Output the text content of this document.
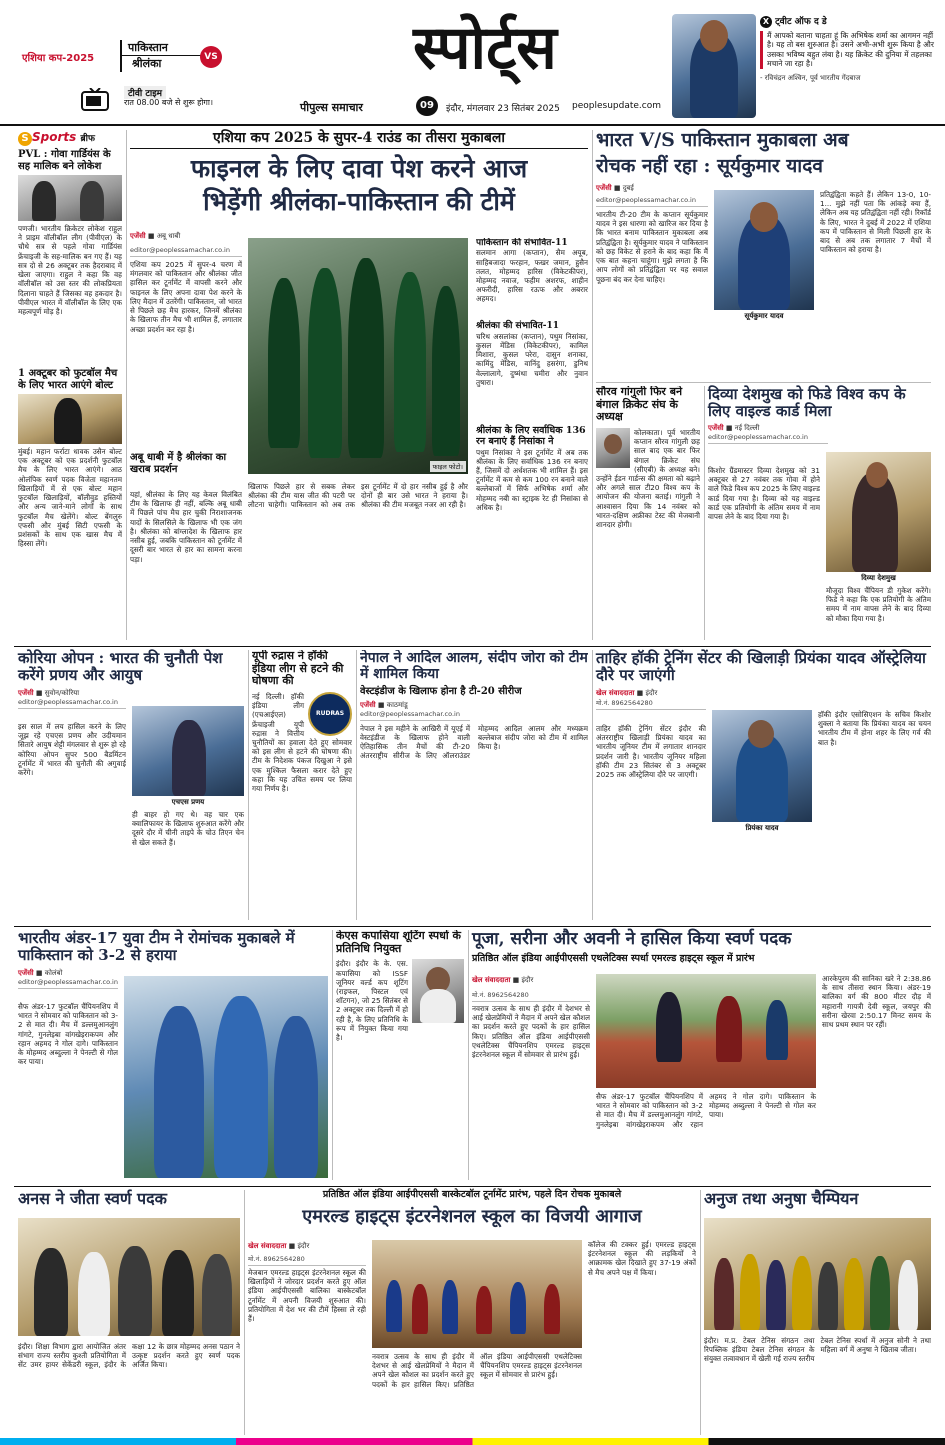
एशिया कप-2025
पाकिस्तान
श्रीलंका	VS
टीवी टाइम
रात 08.00 बजे से शुरू होगा।
स्पोर्ट्स
पीपुल्स समाचार	09	इंदौर, मंगलवार 23 सितंबर 2025 peoplesupdate.com
X ट्वीट ऑफ द डे
मैं आपको बताना चाहता हूं कि अभिषेक शर्मा का आगमन नहीं है। यह तो बस शुरुआत है। उसने अभी-अभी शुरू किया है और उसका भविष्य बहुत लंबा है। यह क्रिकेट की दुनिया में तहलका मचाने जा रहा है।
- रविचंद्रन अश्विन, पूर्व भारतीय गेंदबाज
S Sports ब्रीफ
PVL : गोवा गार्डियंस के सह मालिक बने लोकेश
पणजी। भारतीय क्रिकेटर लोकेश राहुल ने प्राइम वॉलीबॉल लीग (पीवीएल) के चौथे सत्र से पहले गोवा गार्डियंस फ्रेंचाइजी के सह-मालिक बन गए हैं। यह सत्र दो से 26 अक्टूबर तक हैदराबाद में खेला जाएगा। राहुल ने कहा कि वह वॉलीबॉल को उस स्तर की लोकप्रियता दिलाना चाहते हैं जिसका वह हकदार है। पीवीएल भारत में वॉलीबॉल के लिए एक महत्वपूर्ण मोड़ है।
1 अक्टूबर को फुटबॉल मैच के लिए भारत आएंगे बोल्ट
मुंबई। महान फर्राटा धावक उसैन बोल्ट एक अक्टूबर को एक प्रदर्शनी फुटबॉल मैच के लिए भारत आएंगे। आठ ओलंपिक स्वर्ण पदक विजेता महानतम खिलाड़ियों में से एक बोल्ट महान फुटबॉल खिलाड़ियों, बॉलीवुड हस्तियों और अन्य जाने-माने लोगों के साथ फुटबॉल मैच खेलेंगे। बोल्ट बेंगलुरु एफसी और मुंबई सिटी एफसी के प्रशंसकों के साथ एक खास मैच में हिस्सा लेंगे।
एशिया कप 2025 के सुपर-4 राउंड का तीसरा मुकाबला
फाइनल के लिए दावा पेश करने आज
भिड़ेंगी श्रीलंका-पाकिस्तान की टीमें
एजेंसी ■ अबू धाबी
editor@peoplessamachar.co.in
एशिया कप 2025 में सुपर-4 चरण में मंगलवार को पाकिस्तान और श्रीलंका जीत हासिल कर टूर्नामेंट में वापसी करने और फाइनल के लिए अपना दावा पेश करने के लिए मैदान में उतरेंगी। पाकिस्तान, जो भारत से पिछले छह मैच हारकर, जिनमें श्रीलंका के खिलाफ तीन मैच भी शामिल हैं, लगातार अच्छा प्रदर्शन कर रहा है।
अबू धाबी में है श्रीलंका का खराब प्रदर्शन
यहां, श्रीलंका के लिए यह केवल विलंबित टीम के खिलाफ ही नहीं, बल्कि अबू धाबी में पिछले पांच मैच हार चुकी निराशाजनक यादों के सिलसिले के खिलाफ भी एक जंग है। श्रीलंका को बांग्लादेश के खिलाफ हार नसीब हुई, जबकि पाकिस्तान को टूर्नामेंट में दूसरी बार भारत से हार का सामना करना पड़ा।
फाइल फोटो।
खिलाफ पिछले हार से सबक लेकर श्रीलंका की टीम यास जीत की पटरी पर लौटना चाहेगी। पाकिस्तान को अब तक इस टूर्नामेंट में दो हार नसीब हुई है और दोनों ही बार उसे भारत ने हराया है। श्रीलंका की टीम मजबूत नजर आ रही है।
पाकिस्तान की संभावित-11
सलमान आगा (कप्तान), सैम अयूब, साहिबजादा फरहान, फखर जमान, हुसैन तलत, मोहम्मद हारिस (विकेटकीपर), मोहम्मद नवाज, फहीम अशरफ, शाहीन अफरीदी, हारिस रऊफ और अबरार अहमद।
श्रीलंका की संभावित-11
चरिथ असलांका (कप्तान), पथुम निसांका, कुसल मेंडिस (विकेटकीपर), कामिल मिशारा, कुसल परेरा, दासुन शनाका, कामिंदु मेंडिस, वानिंदु हसरंगा, डुनिथ वेल्लालागे, दुष्मंथा चमीरा और नुवान तुषारा।
श्रीलंका के लिए सर्वाधिक 136 रन बनाएं हैं निसांका ने
पथुम निसांका ने इस टूर्नामेंट में अब तक श्रीलंका के लिए सर्वाधिक 136 रन बनाए हैं, जिसमें दो अर्धशतक भी शामिल हैं। इस टूर्नामेंट में कम से कम 100 रन बनाने वाले बल्लेबाजों में सिर्फ अभिषेक शर्मा और मोहम्मद नबी का स्ट्राइक रेट ही निसांका से अधिक है।
भारत V/S पाकिस्तान मुकाबला अब
रोचक नहीं रहा : सूर्यकुमार यादव
एजेंसी ■ दुबई
editor@peoplessamachar.co.in
भारतीय टी-20 टीम के कप्तान सूर्यकुमार यादव ने इस धारणा को खारिज कर दिया है कि भारत बनाम पाकिस्तान मुकाबला अब प्रतिद्वंद्विता है। सूर्यकुमार यादव ने पाकिस्तान को छह विकेट से हराने के बाद कहा कि मैं एक बात कहना चाहूंगा। मुझे लगता है कि आप लोगों को प्रतिद्वंद्विता पर यह सवाल पूछना बंद कर देना चाहिए।
सूर्यकुमार यादव
प्रतिद्वंद्विता कहते हैं। लेकिन 13-0, 10-1... मुझे नहीं पता कि आंकड़े क्या हैं, लेकिन अब यह प्रतिद्वंद्विता नहीं रही। रिकॉर्ड के लिए, भारत ने दुबई में 2022 में एशिया कप में पाकिस्तान से मिली पिछली हार के बाद से अब तक लगातार 7 मैचों में पाकिस्तान को हराया है।
सौरव गांगुली फिर बने बंगाल क्रिकेट संघ के अध्यक्ष
कोलकाता। पूर्व भारतीय कप्तान सौरव गांगुली छह साल बाद एक बार फिर बंगाल क्रिकेट संघ (सीएबी) के अध्यक्ष बने। उन्होंने ईडन गार्डन्स की क्षमता को बढ़ाने और अगले साल टी20 विश्व कप के आयोजन की योजना बताई। गांगुली ने आश्वासन दिया कि 14 नवंबर को भारत-दक्षिण अफ्रीका टेस्ट की मेजबानी शानदार होगी।
दिव्या देशमुख को फिडे विश्व कप के लिए वाइल्ड कार्ड मिला
एजेंसी ■ नई दिल्ली
editor@peoplessamachar.co.in
किशोर ग्रैंडमास्टर दिव्या देशमुख को 31 अक्टूबर से 27 नवंबर तक गोवा में होने वाले फिडे विश्व कप 2025 के लिए वाइल्ड कार्ड दिया गया है। दिव्या को यह वाइल्ड कार्ड एक प्रतियोगी के अंतिम समय में नाम वापस लेने के बाद दिया गया है।
दिव्या देशमुख
मौजूदा विश्व चैंपियन डी गुकेश करेंगे। फिडे ने कहा कि एक प्रतियोगी के अंतिम समय में नाम वापस लेने के बाद दिव्या को मौका दिया गया है।
कोरिया ओपन : भारत की चुनौती पेश करेंगे प्रणय और आयुष
एजेंसी ■ सुवोन/कोरिया
editor@peoplessamachar.co.in
इस साल में लय हासिल करने के लिए जूझ रहे एचएस प्रणय और उदीयमान सितारे आयुष शेट्टी मंगलवार से शुरू हो रहे कोरिया ओपन सुपर 500 बैडमिंटन टूर्नामेंट में भारत की चुनौती की अगुवाई करेंगे।
एचएस प्रणय
ही बाहर हो गए थे। वह चार एक क्वालिफायर के खिलाफ शुरुआत करेंगे और दूसरे दौर में चीनी ताइपे के चोउ तिएन चेन से खेल सकते हैं।
यूपी रुद्रास ने हॉकी इंडिया लीग से हटने की घोषणा की
RUDRAS
नई दिल्ली। हॉकी इंडिया लीग (एचआईएल) फ्रेंचाइजी यूपी रुद्रास ने वित्तीय चुनौतियों का हवाला देते हुए सोमवार को इस लीग से हटने की घोषणा की। टीम के निदेशक पंकज दिखुआ ने इसे एक मुश्किल फैसला करार देते हुए कहा कि यह उचित समय पर लिया गया निर्णय है।
नेपाल ने आदिल आलम, संदीप जोरा को टीम में शामिल किया
वेस्टइंडीज के खिलाफ होना है टी-20 सीरीज
एजेंसी ■ काठमांडू
editor@peoplessamachar.co.in
नेपाल ने इस महीने के आखिरी में यूएई में वेस्टइंडीज के खिलाफ होने वाली ऐतिहासिक तीन मैचों की टी-20 अंतरराष्ट्रीय सीरीज के लिए ऑलराउंडर मोहम्मद आदिल आलम और मध्यक्रम बल्लेबाज संदीप जोरा को टीम में शामिल किया है।
ताहिर हॉकी ट्रेनिंग सेंटर की खिलाड़ी प्रियंका यादव ऑस्ट्रेलिया दौरे पर जाएंगी
खेल संवाददाता ■ इंदौर
मो.नं. 8962564280
ताहिर हॉकी ट्रेनिंग सेंटर इंदौर की अंतरराष्ट्रीय खिलाड़ी प्रियंका यादव का भारतीय जूनियर टीम में लगातार शानदार प्रदर्शन जारी है। भारतीय जूनियर महिला हॉकी टीम 23 सितंबर से 3 अक्टूबर 2025 तक ऑस्ट्रेलिया दौरे पर जाएगी।
प्रियंका यादव
हॉकी इंदौर एसोसिएशन के सचिव किशोर शुक्ला ने बताया कि प्रियंका यादव का चयन भारतीय टीम में होना शहर के लिए गर्व की बात है।
भारतीय अंडर-17 युवा टीम ने रोमांचक मुकाबले में पाकिस्तान को 3-2 से हराया
एजेंसी ■ कोलंबो
editor@peoplessamachar.co.in
सैफ अंडर-17 फुटबॉल चैंपियनशिप में भारत ने सोमवार को पाकिस्तान को 3-2 से मात दी। मैच में डल्लमुआनलुंग गांगटे, गुनलेइबा वांगखेइराकपम और रहान अहमद ने गोल दागे। पाकिस्तान के मोहम्मद अब्दुल्ला ने पेनल्टी से गोल कर पाया।
केएस कपासिया शूटिंग स्पर्धा के प्रतिनिधि नियुक्त
इंदौर। इंदौर के के. एस. कपासिया को ISSF जूनियर वर्ल्ड कप शूटिंग (राइफल, पिस्टल एवं शॉटगन), जो 25 सितंबर से 2 अक्टूबर तक दिल्ली में हो रही है, के लिए प्रतिनिधि के रूप में नियुक्त किया गया है।
पूजा, सरीना और अवनी ने हासिल किया स्वर्ण पदक
प्रतिष्ठित ऑल इंडिया आईपीएससी एथलेटिक्स स्पर्धा एमरल्ड हाइट्स स्कूल में प्रारंभ
खेल संवाददाता ■ इंदौर
मो.नं. 8962564280
नवरात्र उत्सव के साथ ही इंदौर में देशभर से आई खेलप्रेमियों ने मैदान में अपने खेल कौशल का प्रदर्शन करते हुए पदकों के हार हासिल किए। प्रतिष्ठित ऑल इंडिया आईपीएससी एथलेटिक्स चैंपियनशिप एमरल्ड हाइट्स इंटरनेशनल स्कूल में सोमवार से प्रारंभ हुई।
सैफ अंडर-17 फुटबॉल चैंपियनशिप में भारत ने सोमवार को पाकिस्तान को 3-2 से मात दी। मैच में डल्लमुआनलुंग गांगटे, गुनलेइबा वांगखेइराकपम और रहान अहमद ने गोल दागे। पाकिस्तान के मोहम्मद अब्दुल्ला ने पेनल्टी से गोल कर पाया।
आरकेपुरम की सानिका खरे ने 2:38.86 के साथ तीसरा स्थान किया। अंडर-19 बालिका वर्ग की 800 मीटर दौड़ में महारानी गायत्री देवी स्कूल, जयपुर की सरीना खेरवा 2:50.17 मिनट समय के साथ प्रथम स्थान पर रहीं।
अनस ने जीता स्वर्ण पदक
इंदौर। शिक्षा विभाग द्वारा आयोजित अंतर संभाग राज्य स्तरीय कुश्ती प्रतियोगिता में सेंट उमर हायर सेकेंडरी स्कूल, इंदौर के कक्षा 12 के छात्र मोहम्मद अनस पठान ने उत्कृष्ट प्रदर्शन करते हुए स्वर्ण पदक अर्जित किया।
प्रतिष्ठित ऑल इंडिया आईपीएससी बास्केटबॉल टूर्नामेंट प्रारंभ, पहले दिन रोचक मुकाबले
एमरल्ड हाइट्स इंटरनेशनल स्कूल का विजयी आगाज
खेल संवाददाता ■ इंदौर
मो.नं. 8962564280
मेजबान एमरल्ड हाइट्स इंटरनेशनल स्कूल की खिलाड़ियों ने जोरदार प्रदर्शन करते हुए ऑल इंडिया आईपीएससी बालिका बास्केटबॉल टूर्नामेंट में अपनी विजयी शुरुआत की। प्रतियोगिता में देश भर की टीमें हिस्सा ले रही हैं।
नवरात्र उत्सव के साथ ही इंदौर में देशभर से आई खेलप्रेमियों ने मैदान में अपने खेल कौशल का प्रदर्शन करते हुए पदकों के हार हासिल किए। प्रतिष्ठित ऑल इंडिया आईपीएससी एथलेटिक्स चैंपियनशिप एमरल्ड हाइट्स इंटरनेशनल स्कूल में सोमवार से प्रारंभ हुई।
कॉलेज की टक्कर हुई। एमरल्ड हाइट्स इंटरनेशनल स्कूल की लड़कियों ने आक्रामक खेल दिखाते हुए 37-19 अंकों से मैच अपने पक्ष में किया।
अनुज तथा अनुषा चैम्पियन
इंदौर। म.प्र. टेबल टेनिस संगठन तथा रिपब्लिक इंडिया टेबल टेनिस संगठन के संयुक्त तत्वावधान में खेली गई राज्य स्तरीय टेबल टेनिस स्पर्धा में अनुज सोनी ने तथा महिला वर्ग में अनुषा ने खिताब जीता।
